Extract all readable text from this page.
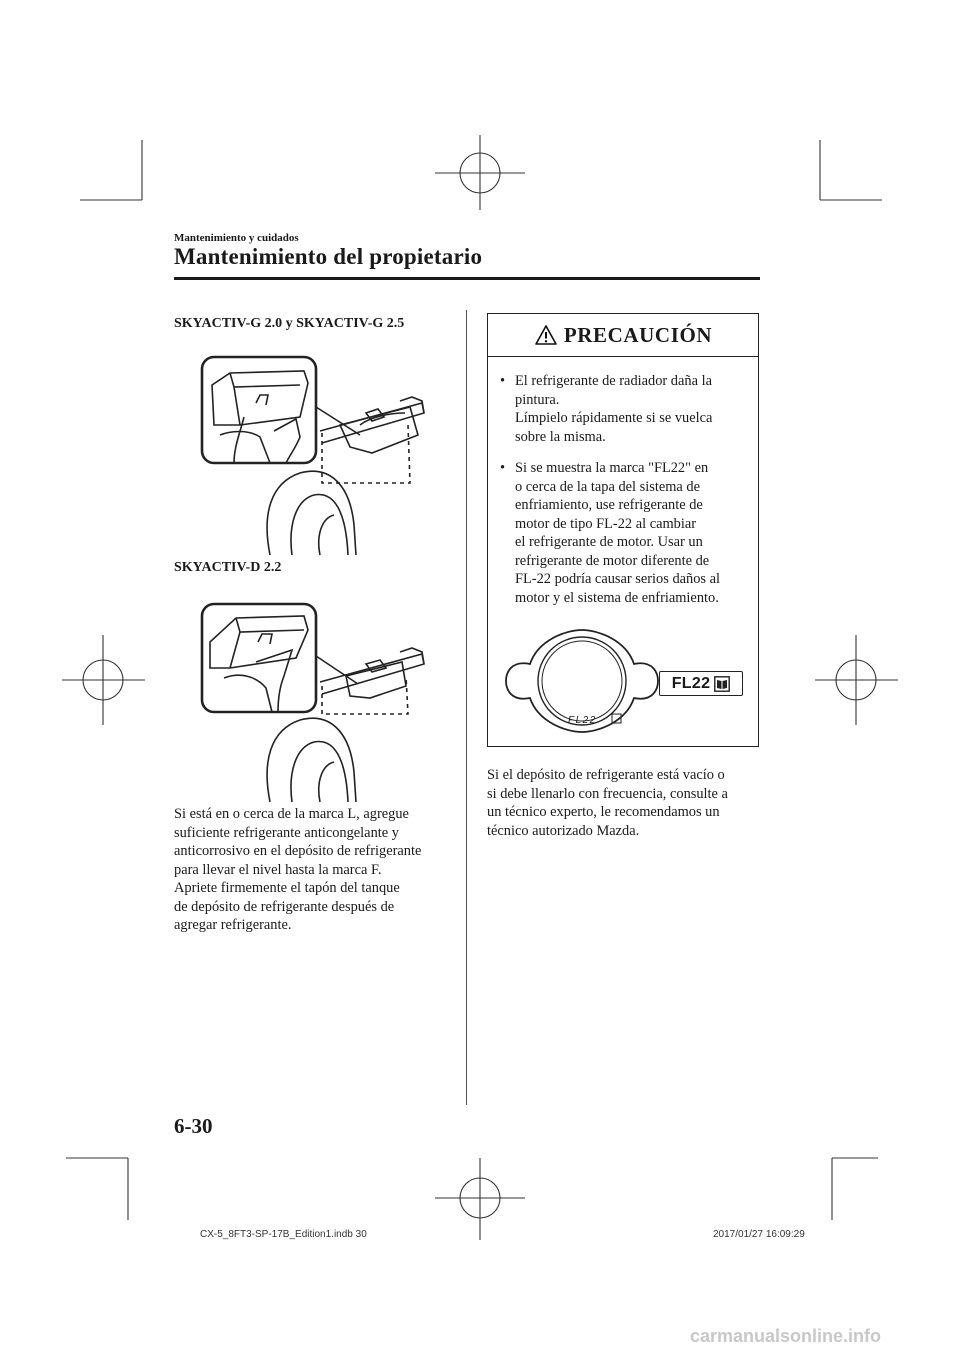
Mantenimiento y cuidados
Mantenimiento del propietario
SKYACTIV-G 2.0 y SKYACTIV-G 2.5
SKYACTIV-D 2.2

Si está en o cerca de la marca L, agregue

suficiente refrigerante anticongelante y

anticorrosivo en el depósito de refrigerante

para llevar el nivel hasta la marca F.

Apriete firmemente el tapón del tanque

de depósito de refrigerante después de

agregar refrigerante.

PRECAUCIÓN
• El refrigerante de radiador daña la
pintura.
Límpielo rápidamente si se vuelca
sobre la misma.
• Si se muestra la marca "FL22" en
o cerca de la tapa del sistema de
enfriamiento, use refrigerante de
motor de tipo FL-22 al cambiar
el refrigerante de motor. Usar un
refrigerante de motor diferente de
FL-22 podría causar serios daños al
motor y el sistema de enfriamiento.
FL22
FL22

Si el depósito de refrigerante está vacío o

si debe llenarlo con frecuencia, consulte a

un técnico experto, le recomendamos un

técnico autorizado Mazda.

6-30
CX-5_8FT3-SP-17B_Edition1.indb 30	2017/01/27 16:09:29
carmanualsonline.info
